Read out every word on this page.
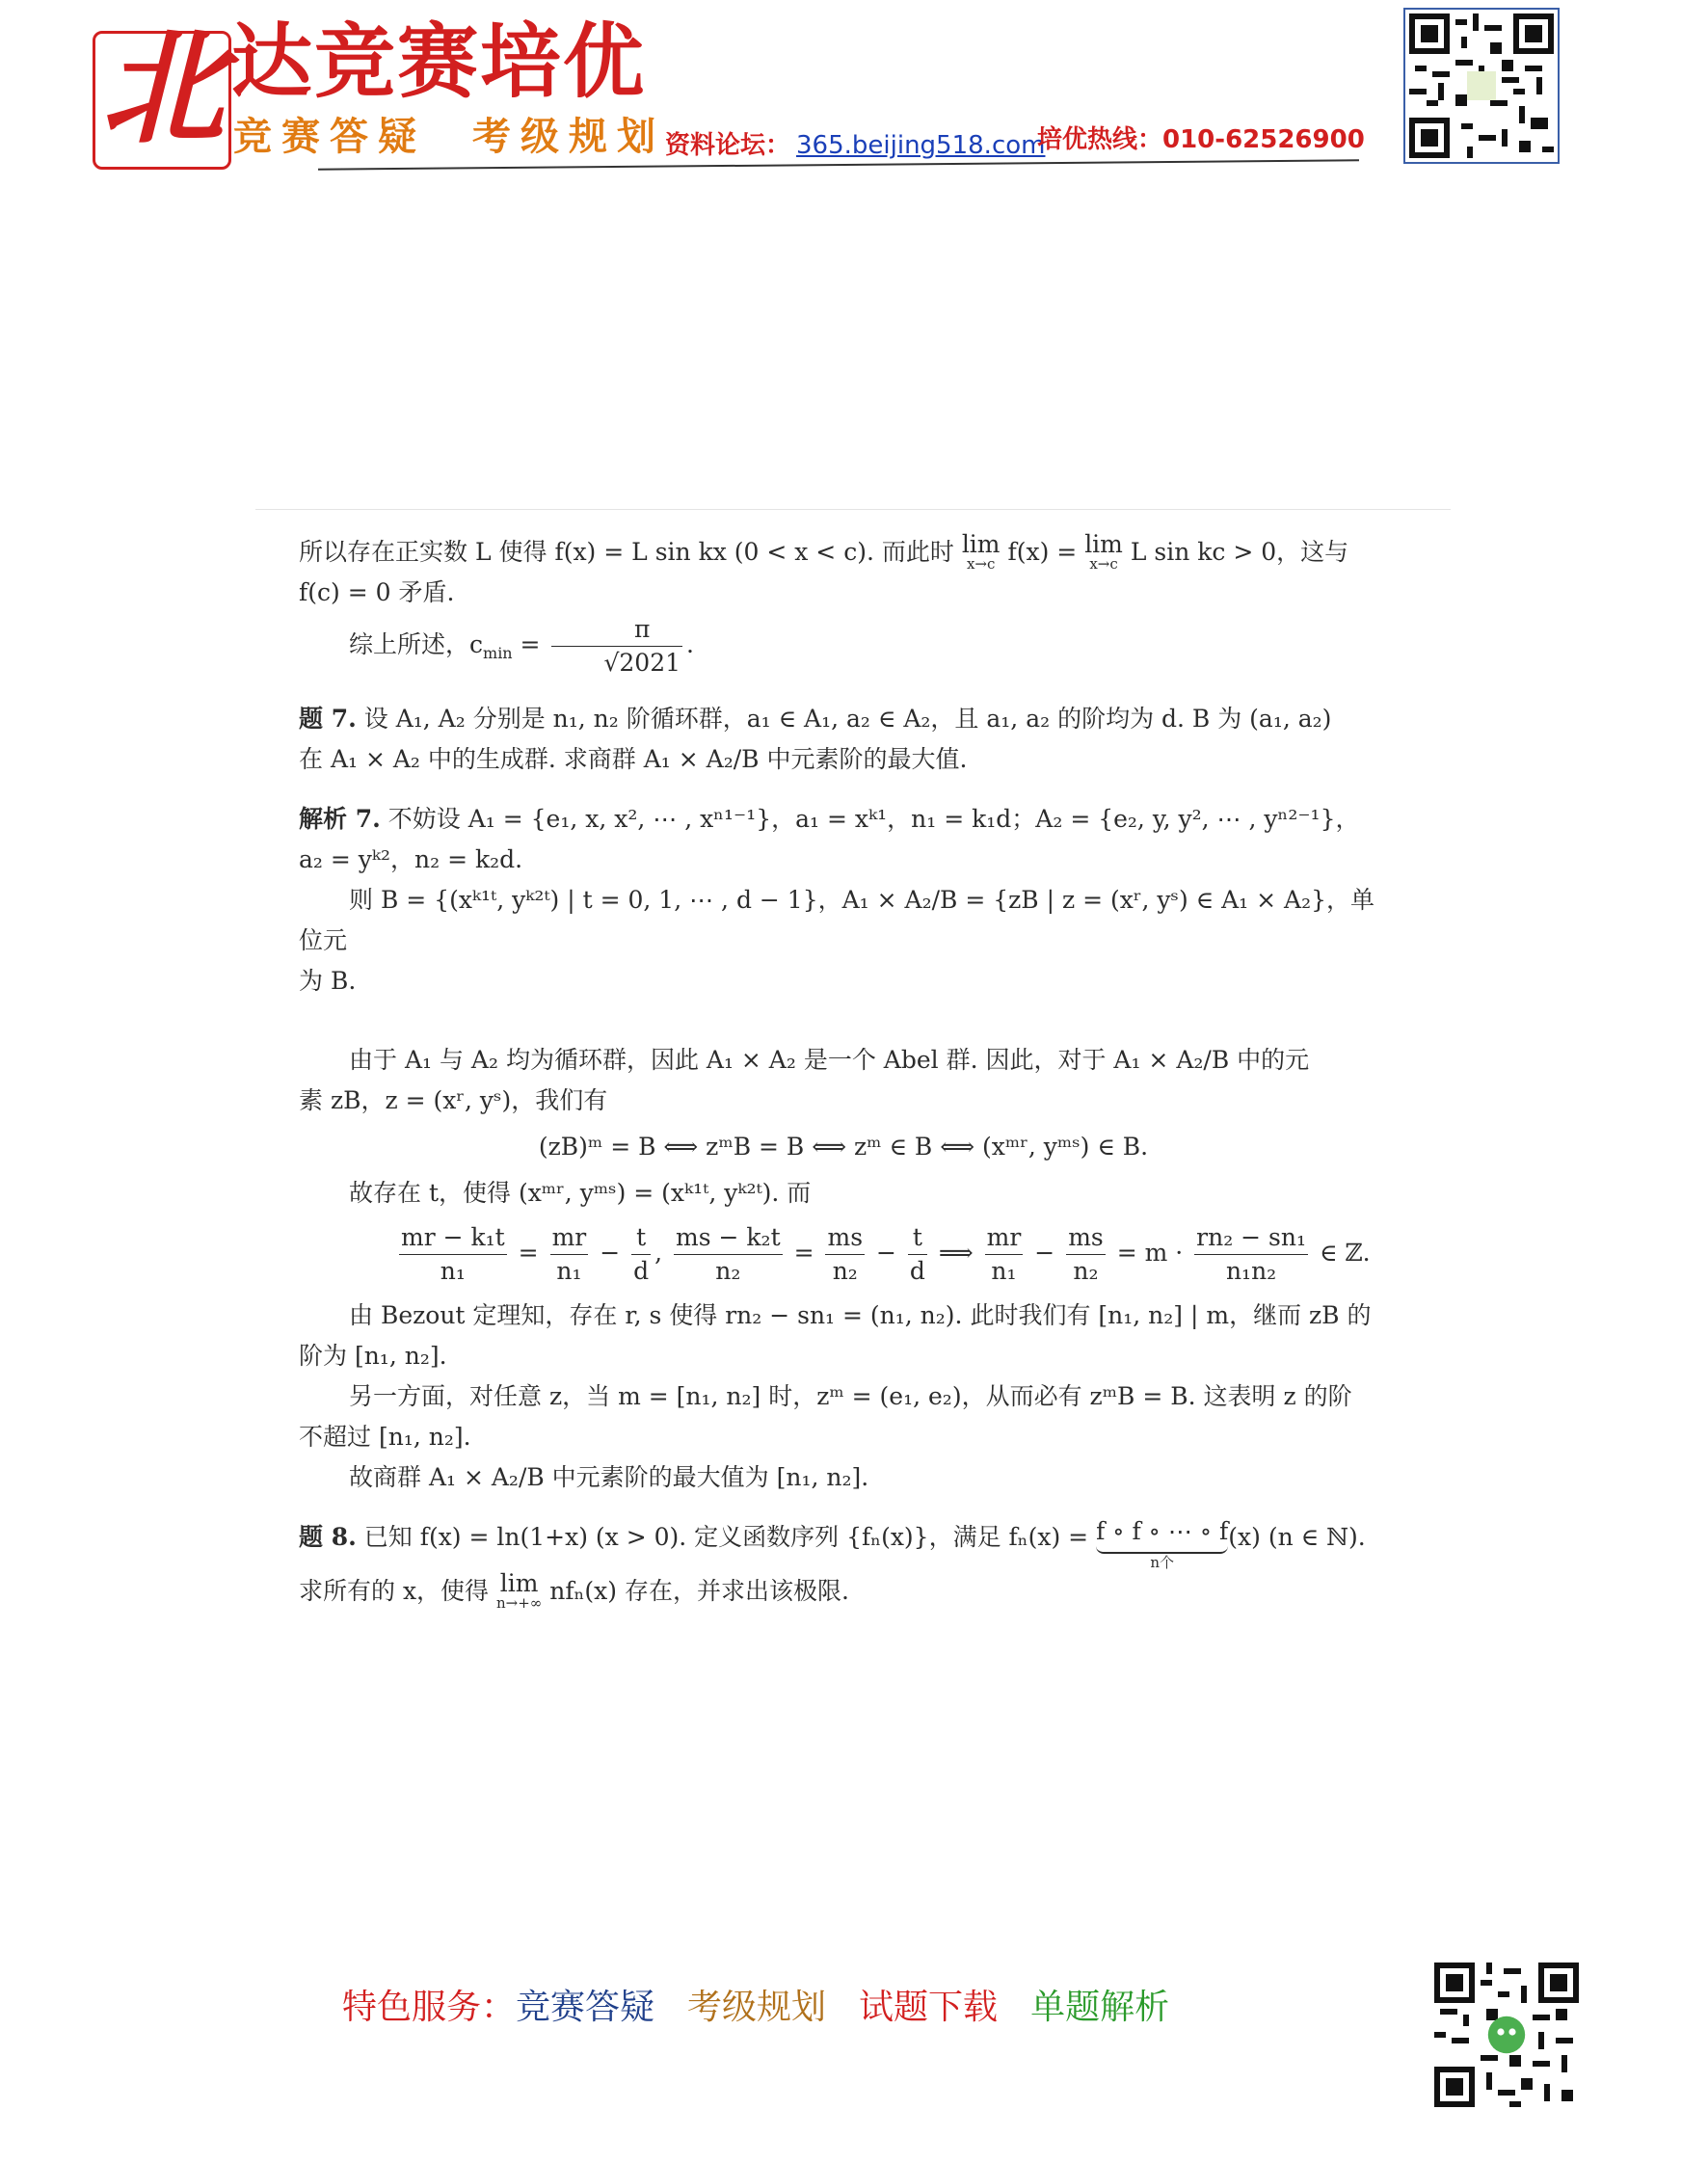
北 达竞赛培优
竞赛答疑 考级规划 资料论坛： 365.beijing518.com
培优热线：010-62526900

所以存在正实数 L 使得 f(x) = L sin kx (0 < x < c). 而此时 lim
x→c f(x) = lim
x→c L sin kc > 0，这与

f(c) = 0 矛盾.

综上所述，$c_{min} = \frac{\pi}{√2021}$ .

题 7. 设 A₁, A₂ 分别是 n₁, n₂ 阶循环群，a₁ ∈ A₁, a₂ ∈ A₂，且 a₁, a₂ 的阶均为 d. B 为 (a₁, a₂)

在 A₁ × A₂ 中的生成群. 求商群 A₁ × A₂/B 中元素阶的最大值.

解析 7. 不妨设 A₁ = {e₁, x, x², ⋯ , xⁿ¹⁻¹}，a₁ = xᵏ¹，n₁ = k₁d；A₂ = {e₂, y, y², ⋯ , yⁿ²⁻¹}，

a₂ = yᵏ²，n₂ = k₂d.

则 B = {(xᵏ¹ᵗ, yᵏ²ᵗ) | t = 0, 1, ⋯ , d − 1}，A₁ × A₂/B = {zB | z = (xʳ, yˢ) ∈ A₁ × A₂}，单位元

为 B.

由于 A₁ 与 A₂ 均为循环群，因此 A₁ × A₂ 是一个 Abel 群. 因此，对于 A₁ × A₂/B 中的元

素 zB，z = (xʳ, yˢ)，我们有

(zB)ᵐ = B ⟺ zᵐB = B ⟺ zᵐ ∈ B ⟺ (xᵐʳ, yᵐˢ) ∈ B.

故存在 t，使得 (xᵐʳ, yᵐˢ) = (xᵏ¹ᵗ, yᵏ²ᵗ). 而

$\frac{\text{mr − k₁t}}{\text{n₁}} = \frac{mr}{\text{n₁}} - \frac{t}{d}$ , $\frac{\text{ms − k₂t}}{\text{n₂}} = \frac{ms}{\text{n₂}} - \frac{t}{d}$ ⟹ $\frac{mr}{\text{n₁}} - \frac{ms}{\text{n₂}} = m \cdot \frac{\text{rn₂ − sn₁}}{\text{n₁n₂}}$ ∈ ℤ.

由 Bezout 定理知，存在 r, s 使得 rn₂ − sn₁ = (n₁, n₂). 此时我们有 [n₁, n₂] | m，继而 zB 的

阶为 [n₁, n₂].

另一方面，对任意 z，当 m = [n₁, n₂] 时，zᵐ = (e₁, e₂)，从而必有 zᵐB = B. 这表明 z 的阶

不超过 [n₁, n₂].

故商群 A₁ × A₂/B 中元素阶的最大值为 [n₁, n₂].

题 8. 已知 f(x) = ln(1+x) (x > 0). 定义函数序列 {fₙ(x)}，满足 fₙ(x) = f ∘ f ∘ ⋯ ∘ f
n个
(x) (n ∈ ℕ).

求所有的 x，使得 lim
n→+∞ nfₙ(x) 存在，并求出该极限.

特色服务：竞赛答疑 考级规划 试题下载 单题解析
